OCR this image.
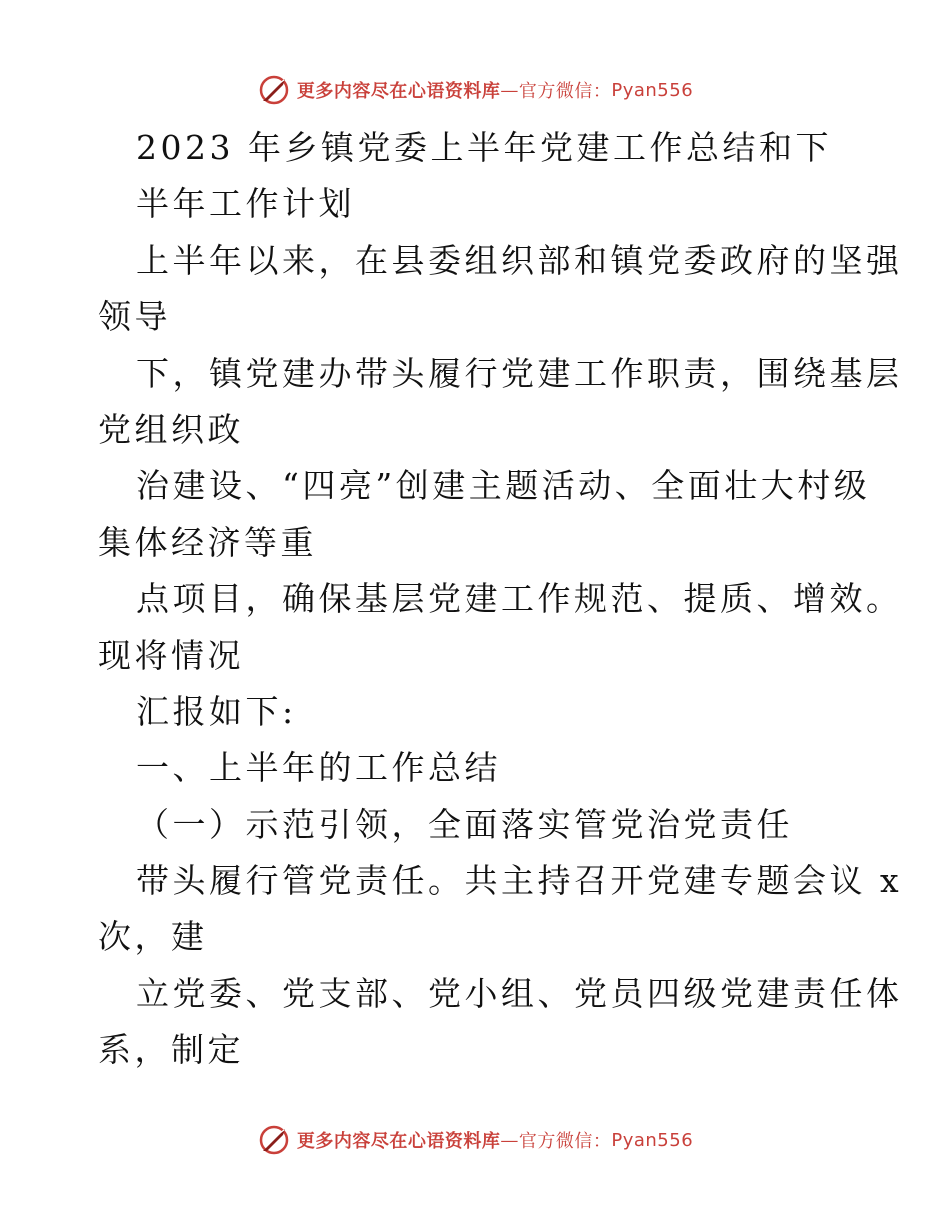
更多内容尽在心语资料库 — 官方微信： Pyan556
2023 年乡镇党委上半年党建工作总结和下
半年工作计划
上半年以来，在县委组织部和镇党委政府的坚强
领导
下，镇党建办带头履行党建工作职责，围绕基层
党组织政
治建设、“四亮”创建主题活动、全面壮大村级
集体经济等重
点项目，确保基层党建工作规范、提质、增效。
现将情况
汇报如下:
一、上半年的工作总结
（一）示范引领，全面落实管党治党责任
带头履行管党责任。共主持召开党建专题会议 x
次，建
立党委、党支部、党小组、党员四级党建责任体
系，制定
更多内容尽在心语资料库 — 官方微信： Pyan556
